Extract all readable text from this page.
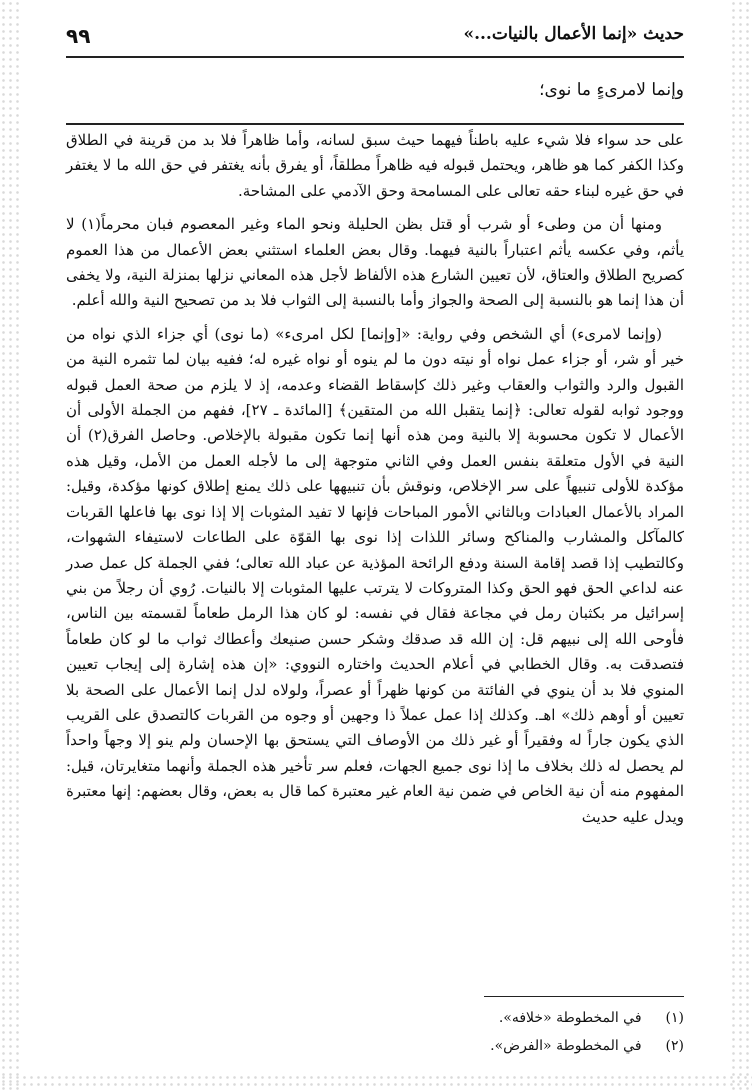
حديث «إنما الأعمال بالنيات...»
٩٩
وإنما لامرىءٍ ما نوى؛

على حد سواء فلا شيء عليه باطناً فيهما حيث سبق لسانه، وأما ظاهراً فلا بد من قرينة في الطلاق وكذا الكفر كما هو ظاهر، ويحتمل قبوله فيه ظاهراً مطلقاً، أو يفرق بأنه يغتفر في حق الله ما لا يغتفر في حق غيره لبناء حقه تعالى على المسامحة وحق الآدمي على المشاحة.

ومنها أن من وطىء أو شرب أو قتل بظن الحليلة ونحو الماء وغير المعصوم فبان محرماً(١) لا يأثم، وفي عكسه يأثم اعتباراً بالنية فيهما. وقال بعض العلماء استثني بعض الأعمال من هذا العموم كصريح الطلاق والعتاق، لأن تعيين الشارع هذه الألفاظ لأجل هذه المعاني نزلها بمنزلة النية، ولا يخفى أن هذا إنما هو بالنسبة إلى الصحة والجواز وأما بالنسبة إلى الثواب فلا بد من تصحيح النية والله أعلم.

(وإنما لامرىء) أي الشخص وفي رواية: «[وإنما] لكل امرىء» (ما نوى) أي جزاء الذي نواه من خير أو شر، أو جزاء عمل نواه أو نيته دون ما لم ينوه أو نواه غيره له؛ ففيه بيان لما تثمره النية من القبول والرد والثواب والعقاب وغير ذلك كإسقاط القضاء وعدمه، إذ لا يلزم من صحة العمل قبوله ووجود ثوابه لقوله تعالى: ﴿إنما يتقبل الله من المتقين﴾ [المائدة ـ ٢٧]، ففهم من الجملة الأولى أن الأعمال لا تكون محسوبة إلا بالنية ومن هذه أنها إنما تكون مقبولة بالإخلاص. وحاصل الفرق(٢) أن النية في الأول متعلقة بنفس العمل وفي الثاني متوجهة إلى ما لأجله العمل من الأمل، وقيل هذه مؤكدة للأولى تنبيهاً على سر الإخلاص، ونوقش بأن تنبيهها على ذلك يمنع إطلاق كونها مؤكدة، وقيل: المراد بالأعمال العبادات وبالثاني الأمور المباحات فإنها لا تفيد المثوبات إلا إذا نوى بها فاعلها القربات كالمآكل والمشارب والمناكح وسائر اللذات إذا نوى بها القوّة على الطاعات لاستيفاء الشهوات، وكالتطيب إذا قصد إقامة السنة ودفع الرائحة المؤذية عن عباد الله تعالى؛ ففي الجملة كل عمل صدر عنه لداعي الحق فهو الحق وكذا المتروكات لا يترتب عليها المثوبات إلا بالنيات. رُوي أن رجلاً من بني إسرائيل مر بكثبان رمل في مجاعة فقال في نفسه: لو كان هذا الرمل طعاماً لقسمته بين الناس، فأوحى الله إلى نبيهم قل: إن الله قد صدقك وشكر حسن صنيعك وأعطاك ثواب ما لو كان طعاماً فتصدقت به. وقال الخطابي في أعلام الحديث واختاره النووي: «إن هذه إشارة إلى إيجاب تعيين المنوي فلا بد أن ينوي في الفائتة من كونها ظهراً أو عصراً، ولولاه لدل إنما الأعمال على الصحة بلا تعيين أو أوهم ذلك» اهـ. وكذلك إذا عمل عملاً ذا وجهين أو وجوه من القربات كالتصدق على القريب الذي يكون جاراً له وفقيراً أو غير ذلك من الأوصاف التي يستحق بها الإحسان ولم ينو إلا وجهاً واحداً لم يحصل له ذلك بخلاف ما إذا نوى جميع الجهات، فعلم سر تأخير هذه الجملة وأنهما متغايرتان، قيل: المفهوم منه أن نية الخاص في ضمن نية العام غير معتبرة كما قال به بعض، وقال بعضهم: إنها معتبرة ويدل عليه حديث

(١) في المخطوطة «خلافه».
(٢) في المخطوطة «الفرض».
